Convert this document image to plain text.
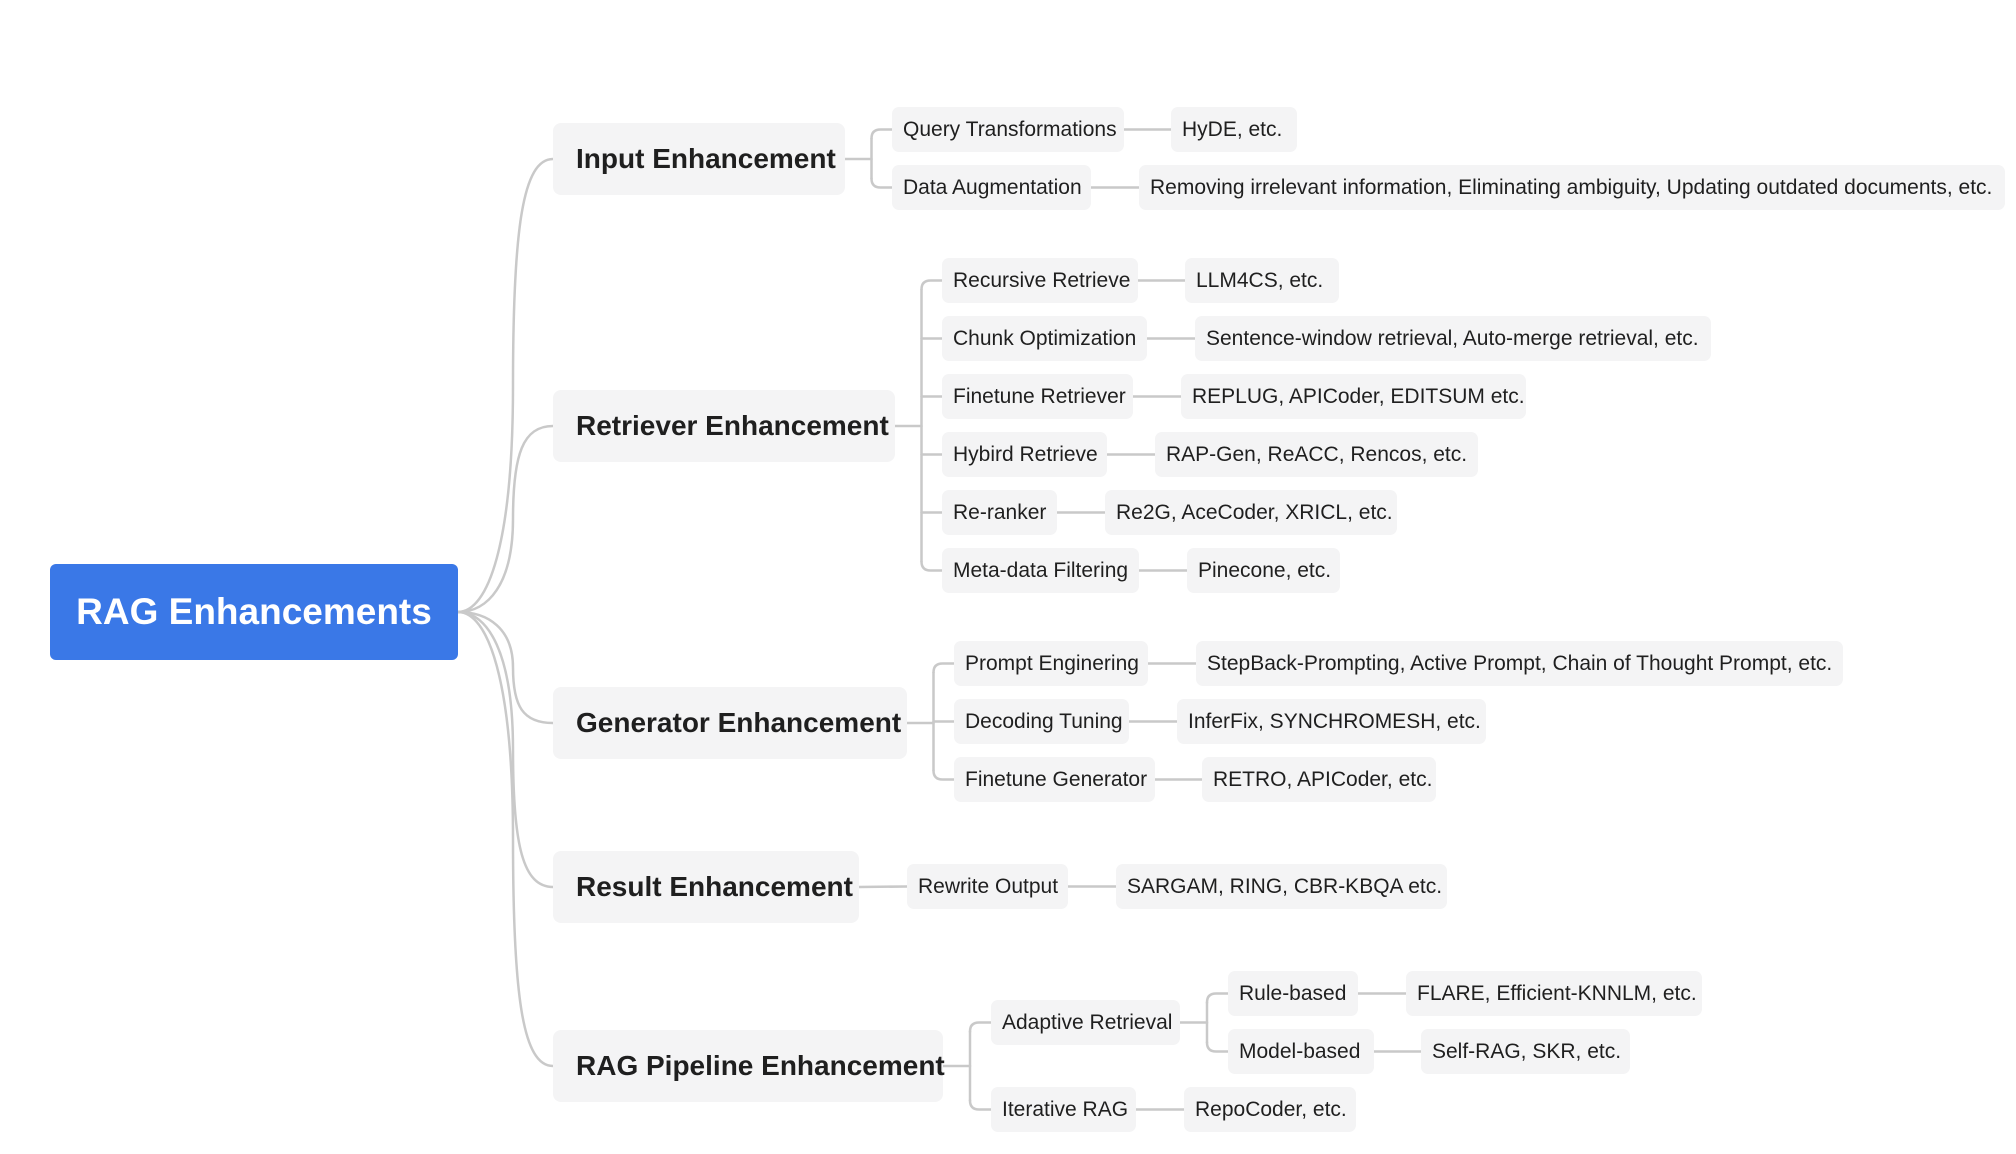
RAG Enhancements
Input Enhancement
Query Transformations	HyDE, etc.
Data Augmentation	Removing irrelevant information, Eliminating ambiguity, Updating outdated documents, etc.
Retriever Enhancement
Recursive Retrieve	LLM4CS, etc.
Chunk Optimization	Sentence-window retrieval, Auto-merge retrieval, etc.
Finetune Retriever	REPLUG, APICoder, EDITSUM etc.
Hybird Retrieve	RAP-Gen, ReACC, Rencos, etc.
Re-ranker	Re2G, AceCoder, XRICL, etc.
Meta-data Filtering	Pinecone, etc.
Generator Enhancement
Prompt Enginering	StepBack-Prompting, Active Prompt, Chain of Thought Prompt, etc.
Decoding Tuning	InferFix, SYNCHROMESH, etc.
Finetune Generator	RETRO, APICoder, etc.
Result Enhancement	Rewrite Output	SARGAM, RING, CBR-KBQA etc.
RAG Pipeline Enhancement
Adaptive Retrieval
Rule-based	FLARE, Efficient-KNNLM, etc.
Model-based	Self-RAG, SKR, etc.
Iterative RAG	RepoCoder, etc.
